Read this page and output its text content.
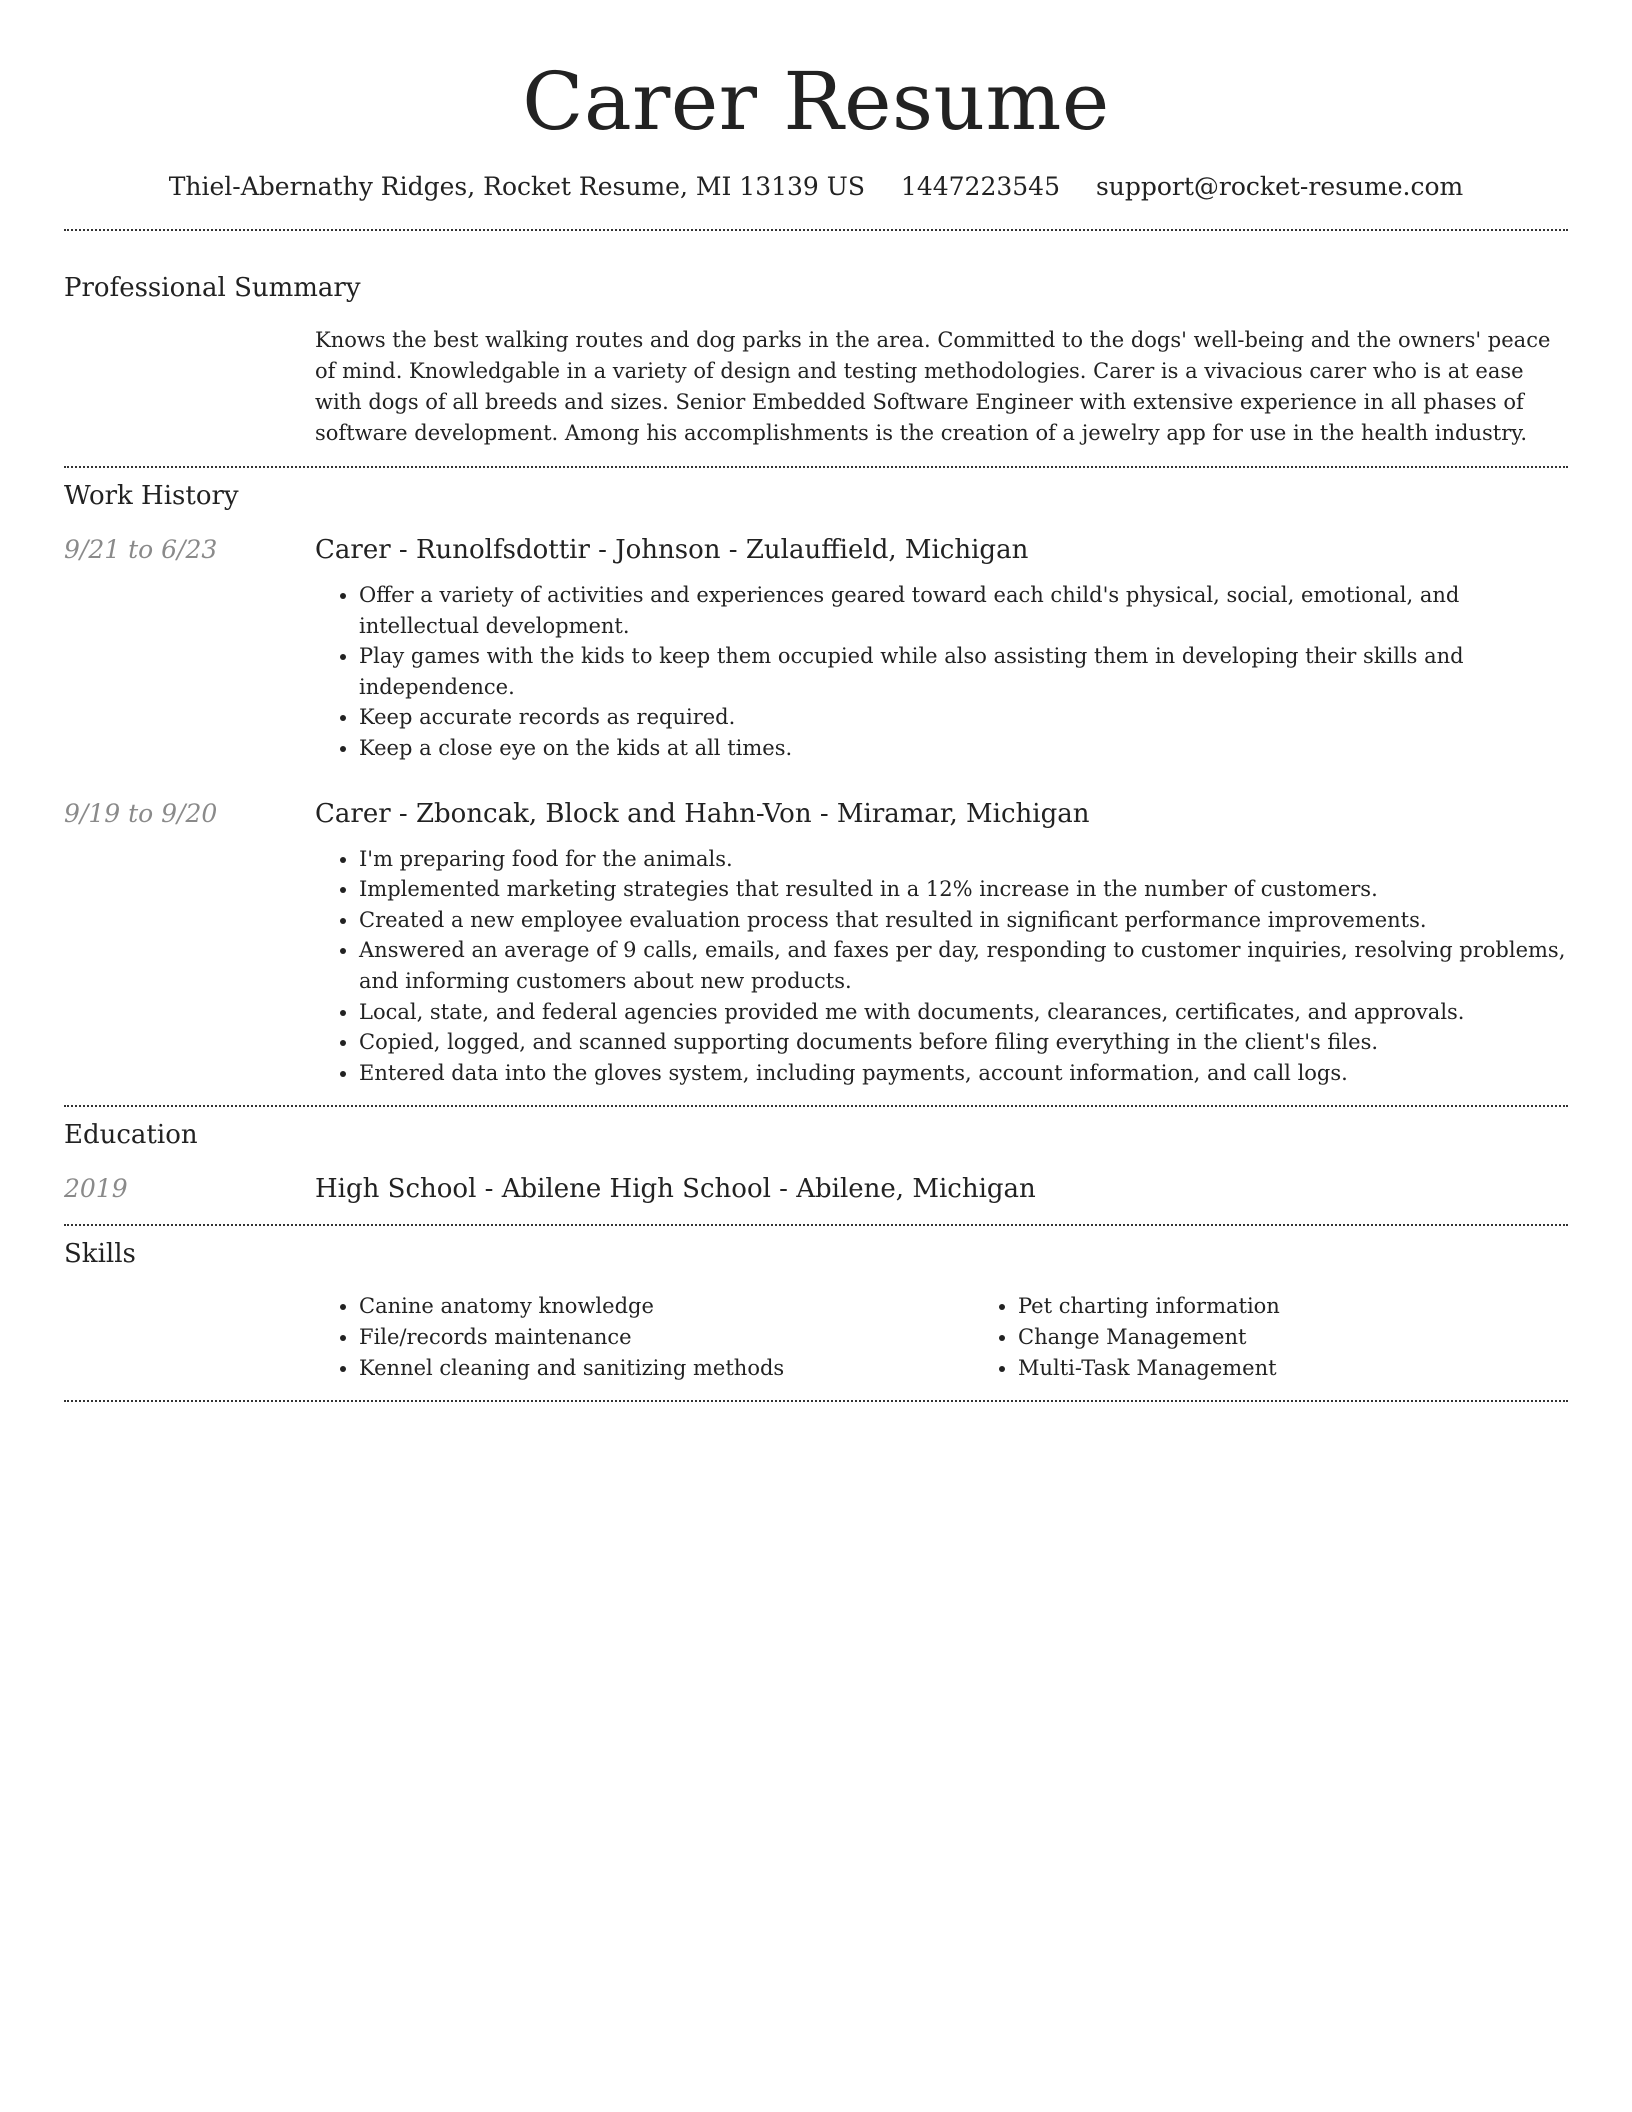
Carer Resume
Thiel-Abernathy Ridges, Rocket Resume, MI 13139 US 1447223545 support@rocket-resume.com
Professional Summary
Knows the best walking routes and dog parks in the area. Committed to the dogs' well-being and the owners' peace of mind. Knowledgable in a variety of design and testing methodologies. Carer is a vivacious carer who is at ease with dogs of all breeds and sizes. Senior Embedded Software Engineer with extensive experience in all phases of software development. Among his accomplishments is the creation of a jewelry app for use in the health industry.
Work History
9/21 to 6/23	Carer - Runolfsdottir - Johnson - Zulauffield, Michigan
• Offer a variety of activities and experiences geared toward each child's physical, social, emotional, and intellectual development.
• Play games with the kids to keep them occupied while also assisting them in developing their skills and independence.
• Keep accurate records as required.
• Keep a close eye on the kids at all times.
9/19 to 9/20	Carer - Zboncak, Block and Hahn-Von - Miramar, Michigan
• I'm preparing food for the animals.
• Implemented marketing strategies that resulted in a 12% increase in the number of customers.
• Created a new employee evaluation process that resulted in significant performance improvements.
• Answered an average of 9 calls, emails, and faxes per day, responding to customer inquiries, resolving problems, and informing customers about new products.
• Local, state, and federal agencies provided me with documents, clearances, certificates, and approvals.
• Copied, logged, and scanned supporting documents before filing everything in the client's files.
• Entered data into the gloves system, including payments, account information, and call logs.
Education
2019	High School - Abilene High School - Abilene, Michigan
Skills
• Canine anatomy knowledge
• File/records maintenance
• Kennel cleaning and sanitizing methods
• Pet charting information
• Change Management
• Multi-Task Management
